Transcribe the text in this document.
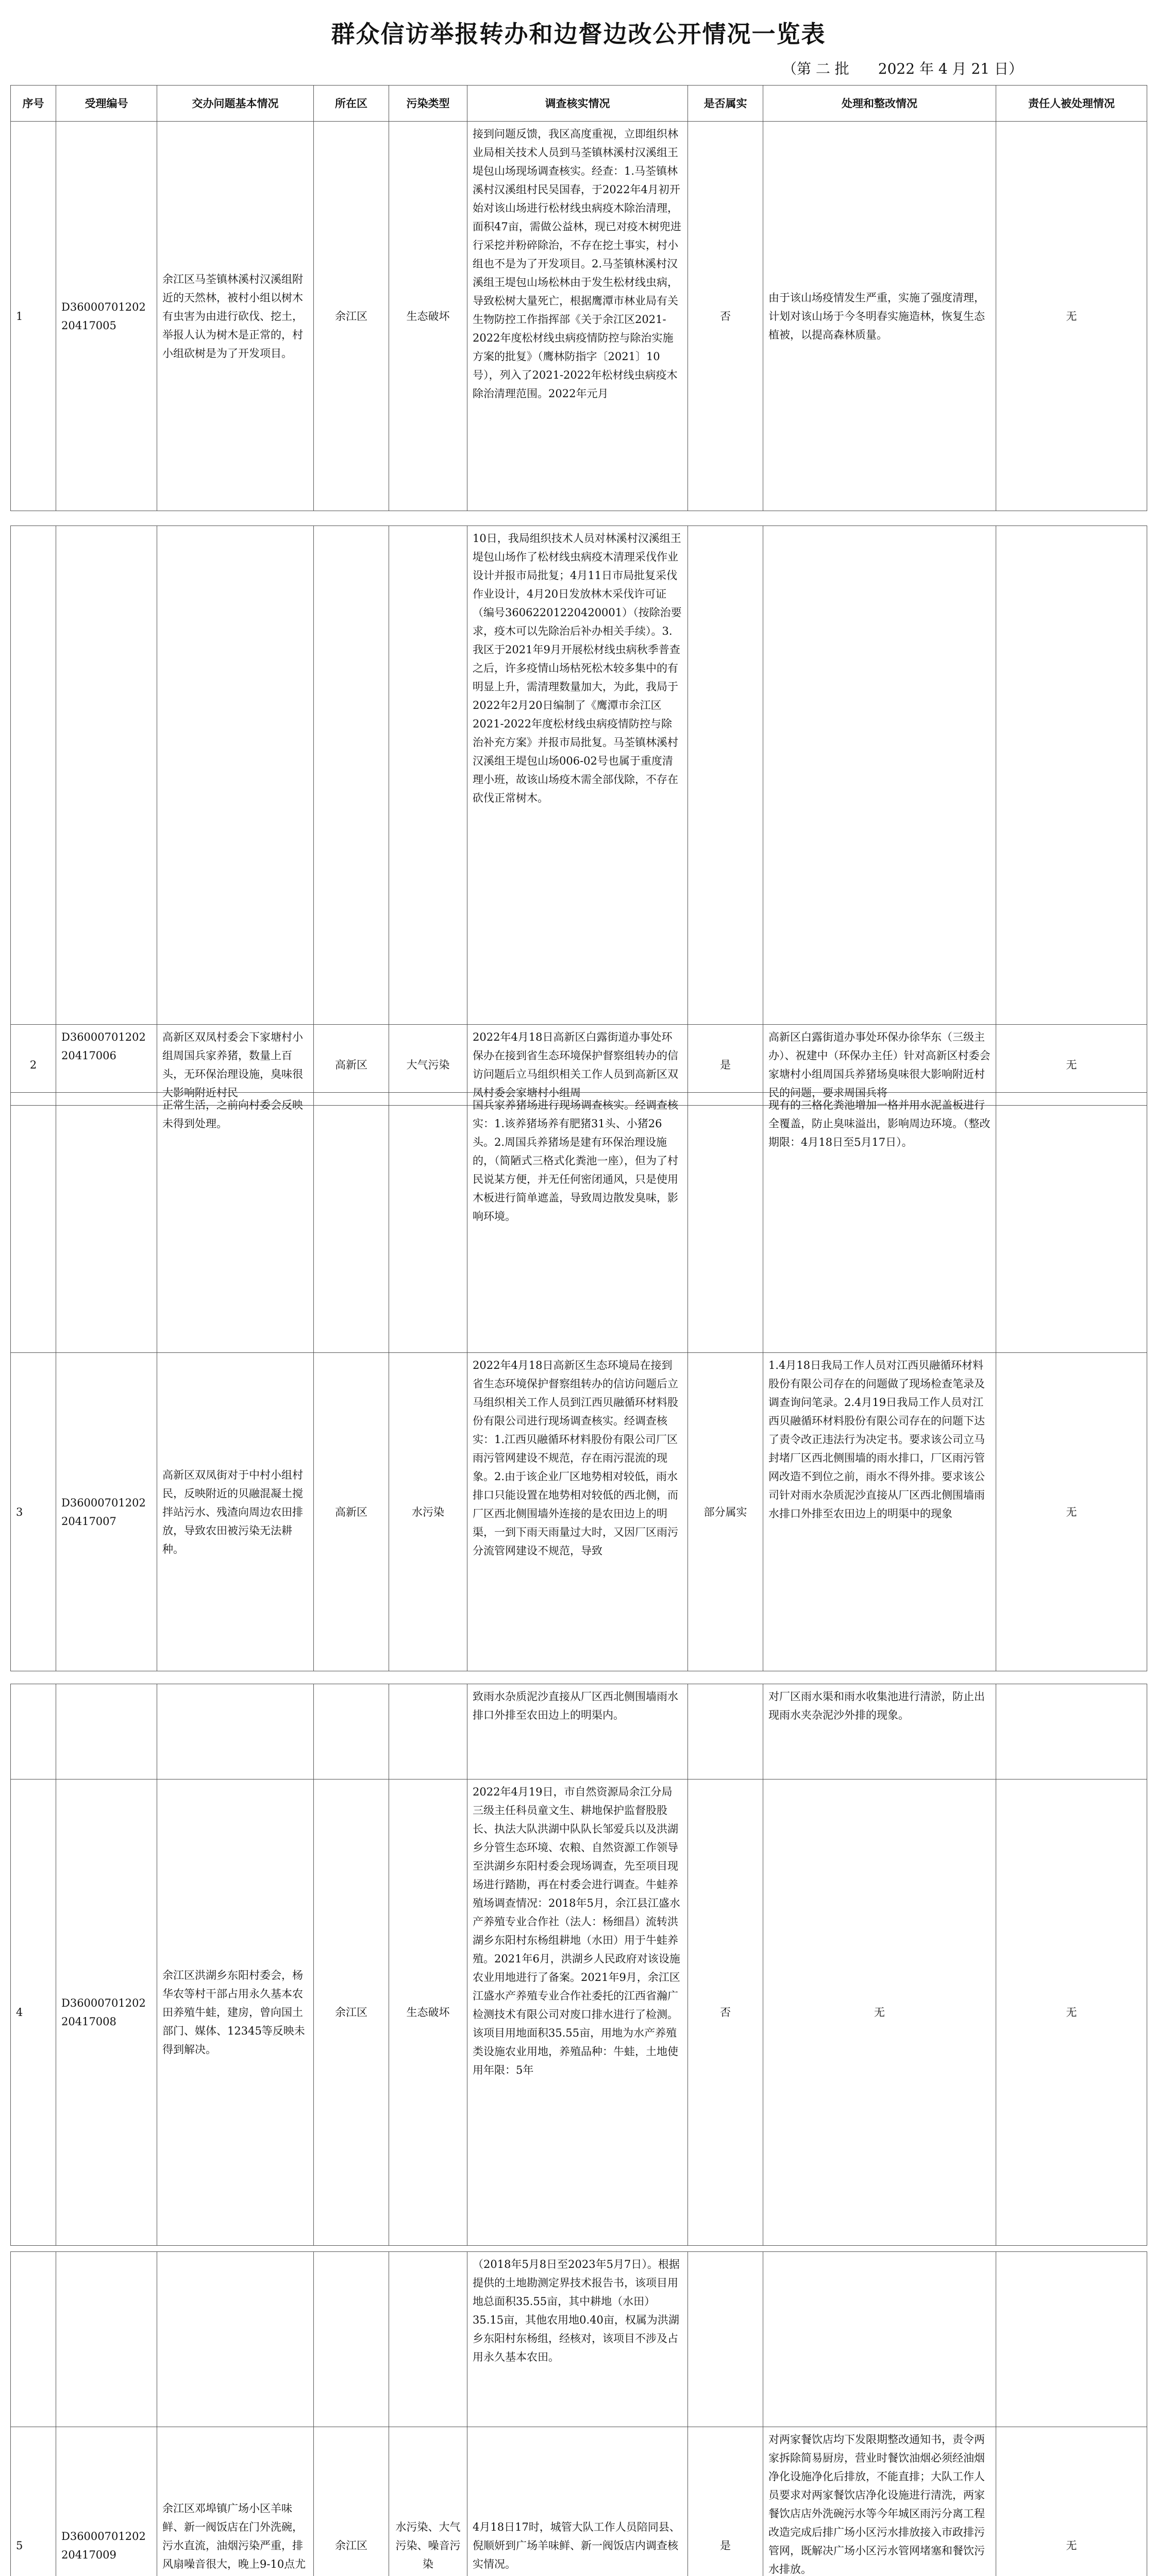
群众信访举报转办和边督边改公开情况一览表
（第 二 批　　2022 年 4 月 21 日）
序号	受理编号	交办问题基本情况	所在区	污染类型	调查核实情况	是否属实	处理和整改情况	责任人被处理情况
1	D3600070120220417005	余江区马荃镇林溪村汉溪组附近的天然林，被村小组以树木有虫害为由进行砍伐、挖土，举报人认为树木是正常的，村小组砍树是为了开发项目。	余江区	生态破坏	接到问题反馈，我区高度重视，立即组织林业局相关技术人员到马荃镇林溪村汉溪组王堤包山场现场调查核实。经查：1.马荃镇林溪村汉溪组村民吴国春，于2022年4月初开始对该山场进行松材线虫病疫木除治清理，面积47亩，需做公益林，现已对疫木树兜进行采挖并粉碎除治，不存在挖土事实，村小组也不是为了开发项目。2.马荃镇林溪村汉溪组王堤包山场松林由于发生松材线虫病，导致松树大量死亡，根据鹰潭市林业局有关生物防控工作指挥部《关于余江区2021-2022年度松材线虫病疫情防控与除治实施方案的批复》（鹰林防指字〔2021〕10号），列入了2021-2022年松材线虫病疫木除治清理范围。2022年元月	否	由于该山场疫情发生严重，实施了强度清理，计划对该山场于今冬明春实施造林，恢复生态植被，以提高森林质量。	无
					10日，我局组织技术人员对林溪村汉溪组王堤包山场作了松材线虫病疫木清理采伐作业设计并报市局批复；4月11日市局批复采伐作业设计，4月20日发放林木采伐许可证（编号36062201220420001）（按除治要求，疫木可以先除治后补办相关手续）。3.我区于2021年9月开展松材线虫病秋季普查之后，许多疫情山场枯死松木较多集中的有明显上升，需清理数量加大，为此，我局于2022年2月20日编制了《鹰潭市余江区2021-2022年度松材线虫病疫情防控与除治补充方案》并报市局批复。马荃镇林溪村汉溪组王堤包山场006-02号也属于重度清理小班，故该山场疫木需全部伐除，不存在砍伐正常树木。			
2	D3600070120220417006	高新区双凤村委会下家塘村小组周国兵家养猪，数量上百头，无环保治理设施，臭味很大影响附近村民	高新区	大气污染	2022年4月18日高新区白露街道办事处环保办在接到省生态环境保护督察组转办的信访问题后立马组织相关工作人员到高新区双凤村委会家塘村小组周	是	高新区白露街道办事处环保办徐华东（三级主办）、祝建中（环保办主任）针对高新区村委会家塘村小组周国兵养猪场臭味很大影响附近村民的问题，要求周国兵将	无
		正常生活，之前向村委会反映未得到处理。			国兵家养猪场进行现场调查核实。经调查核实：1.该养猪场养有肥猪31头、小猪26头。2.周国兵养猪场是建有环保治理设施的，（简陋式三格式化粪池一座），但为了村民说某方便，并无任何密闭通风，只是使用木板进行简单遮盖，导致周边散发臭味，影响环境。		现有的三格化粪池增加一格并用水泥盖板进行全覆盖，防止臭味溢出，影响周边环境。（整改期限：4月18日至5月17日）。	
3	D3600070120220417007	高新区双凤街对于中村小组村民，反映附近的贝融混凝土搅拌站污水、残渣向周边农田排放，导致农田被污染无法耕种。	高新区	水污染	2022年4月18日高新区生态环境局在接到省生态环境保护督察组转办的信访问题后立马组织相关工作人员到江西贝融循环材料股份有限公司进行现场调查核实。经调查核实：1.江西贝融循环材料股份有限公司厂区雨污管网建设不规范，存在雨污混流的现象。2.由于该企业厂区地势相对较低，雨水排口只能设置在地势相对较低的西北侧，而厂区西北侧围墙外连接的是农田边上的明渠，一到下雨天雨量过大时，又因厂区雨污分流管网建设不规范，导致	部分属实	1.4月18日我局工作人员对江西贝融循环材料股份有限公司存在的问题做了现场检查笔录及调查询问笔录。2.4月19日我局工作人员对江西贝融循环材料股份有限公司存在的问题下达了责令改正违法行为决定书。要求该公司立马封堵厂区西北侧围墙的雨水排口，厂区雨污管网改造不到位之前，雨水不得外排。要求该公司针对雨水杂质泥沙直接从厂区西北侧围墙雨水排口外排至农田边上的明渠中的现象	无
					致雨水杂质泥沙直接从厂区西北侧围墙雨水排口外排至农田边上的明渠内。		对厂区雨水渠和雨水收集池进行清淤，防止出现雨水夹杂泥沙外排的现象。	
4	D3600070120220417008	余江区洪湖乡东阳村委会，杨华农等村干部占用永久基本农田养殖牛蛙，建房，曾向国土部门、媒体、12345等反映未得到解决。	余江区	生态破坏	2022年4月19日，市自然资源局余江分局三级主任科员童文生、耕地保护监督股股长、执法大队洪湖中队队长邹爱兵以及洪湖乡分管生态环境、农粮、自然资源工作领导至洪湖乡东阳村委会现场调查，先至项目现场进行踏勘，再在村委会进行调查。牛蛙养殖场调查情况：2018年5月，余江县江盛水产养殖专业合作社（法人：杨细昌）流转洪湖乡东阳村东杨组耕地（水田）用于牛蛙养殖。2021年6月，洪湖乡人民政府对该设施农业用地进行了备案。2021年9月，余江区江盛水产养殖专业合作社委托的江西省瀚广检测技术有限公司对废口排水进行了检测。该项目用地面积35.55亩，用地为水产养殖类设施农业用地，养殖品种：牛蛙，土地使用年限：5年	否	无	无
					（2018年5月8日至2023年5月7日）。根据提供的土地勘测定界技术报告书，该项目用地总面积35.55亩，其中耕地（水田）35.15亩，其他农用地0.40亩，权属为洪湖乡东阳村东杨组，经核对，该项目不涉及占用永久基本农田。			
5	D3600070120220417009	余江区邓埠镇广场小区羊味鲜、新一阀饭店在门外洗碗，污水直流，油烟污染严重，排风扇噪音很大，晚上9-10点尤	余江区	水污染、大气污染、噪音污染	4月18日17时，城管大队工作人员陪同县、倪顺妍到广场羊味鲜、新一阀饭店内调查核实情况。	是	对两家餐饮店均下发限期整改通知书，责令两家拆除简易厨房，营业时餐饮油烟必须经油烟净化设施净化后排放，不能直排；大队工作人员要求对两家餐饮店净化设施进行清洗，两家餐饮店店外洗碗污水等今年城区雨污分离工程改造完成后排广场小区污水排放接入市政排污管网，既解决广场小区污水管网堵塞和餐饮污水排放。	无
